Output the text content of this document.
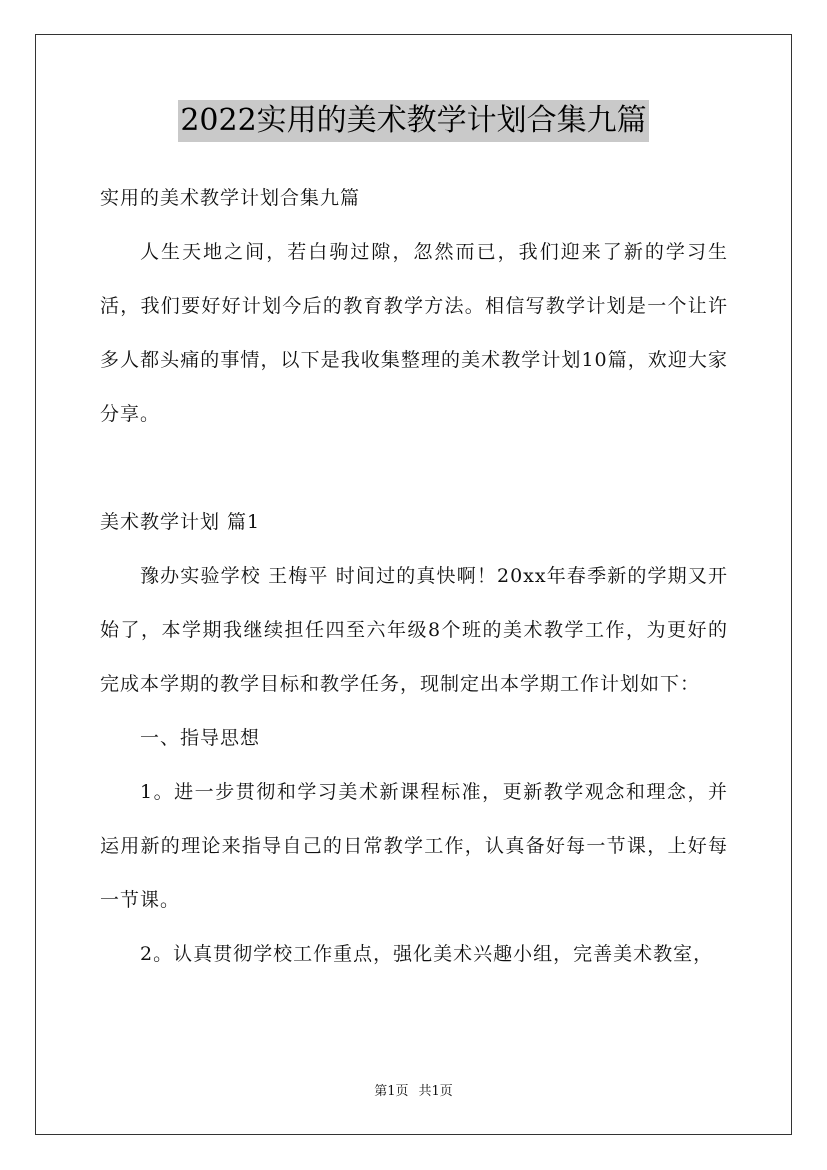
2022实用的美术教学计划合集九篇

实用的美术教学计划合集九篇

人生天地之间，若白驹过隙，忽然而已，我们迎来了新的学习生活，我们要好好计划今后的教育教学方法。相信写教学计划是一个让许多人都头痛的事情，以下是我收集整理的美术教学计划10篇，欢迎大家分享。

美术教学计划 篇1

豫办实验学校 王梅平 时间过的真快啊！20xx年春季新的学期又开始了，本学期我继续担任四至六年级8个班的美术教学工作，为更好的完成本学期的教学目标和教学任务，现制定出本学期工作计划如下：

一、指导思想

1。进一步贯彻和学习美术新课程标准，更新教学观念和理念，并运用新的理论来指导自己的日常教学工作，认真备好每一节课，上好每一节课。

2。认真贯彻学校工作重点，强化美术兴趣小组，完善美术教室，

第1页 共1页
